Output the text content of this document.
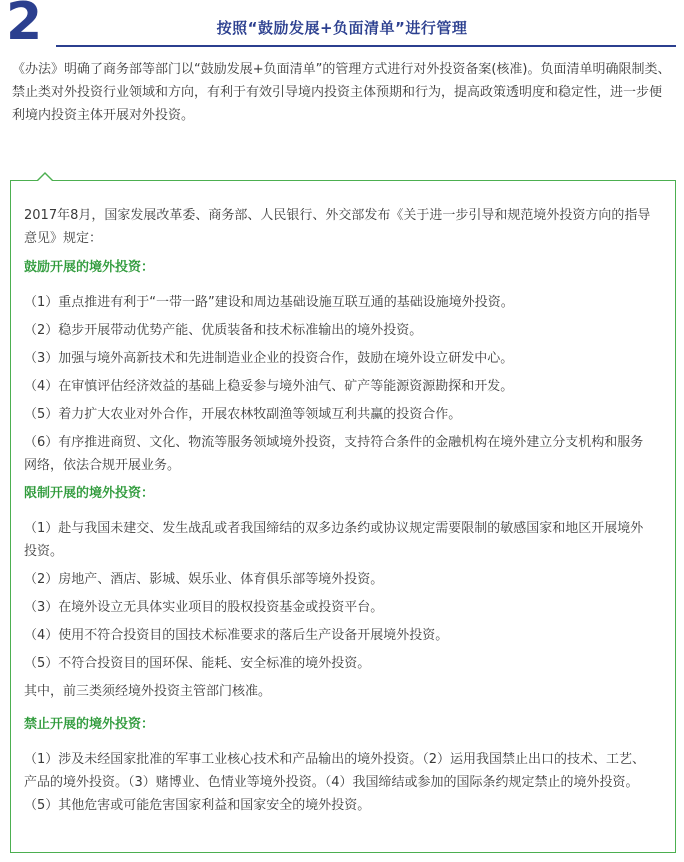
2	按照“鼓励发展+负面清单”进行管理

《办法》明确了商务部等部门以“鼓励发展+负面清单”的管理方式进行对外投资备案(核准)。负面清单明确限制类、禁止类对外投资行业领域和方向，有利于有效引导境内投资主体预期和行为，提高政策透明度和稳定性，进一步便利境内投资主体开展对外投资。

2017年8月，国家发展改革委、商务部、人民银行、外交部发布《关于进一步引导和规范境外投资方向的指导意见》规定：

鼓励开展的境外投资：

（1）重点推进有利于“一带一路”建设和周边基础设施互联互通的基础设施境外投资。

（2）稳步开展带动优势产能、优质装备和技术标准输出的境外投资。

（3）加强与境外高新技术和先进制造业企业的投资合作，鼓励在境外设立研发中心。

（4）在审慎评估经济效益的基础上稳妥参与境外油气、矿产等能源资源勘探和开发。

（5）着力扩大农业对外合作，开展农林牧副渔等领域互利共赢的投资合作。

（6）有序推进商贸、文化、物流等服务领域境外投资，支持符合条件的金融机构在境外建立分支机构和服务网络，依法合规开展业务。

限制开展的境外投资：

（1）赴与我国未建交、发生战乱或者我国缔结的双多边条约或协议规定需要限制的敏感国家和地区开展境外投资。

（2）房地产、酒店、影城、娱乐业、体育俱乐部等境外投资。

（3）在境外设立无具体实业项目的股权投资基金或投资平台。

（4）使用不符合投资目的国技术标准要求的落后生产设备开展境外投资。

（5）不符合投资目的国环保、能耗、安全标准的境外投资。

其中，前三类须经境外投资主管部门核准。

禁止开展的境外投资：

（1）涉及未经国家批准的军事工业核心技术和产品输出的境外投资。（2）运用我国禁止出口的技术、工艺、产品的境外投资。（3）赌博业、色情业等境外投资。（4）我国缔结或参加的国际条约规定禁止的境外投资。（5）其他危害或可能危害国家利益和国家安全的境外投资。
